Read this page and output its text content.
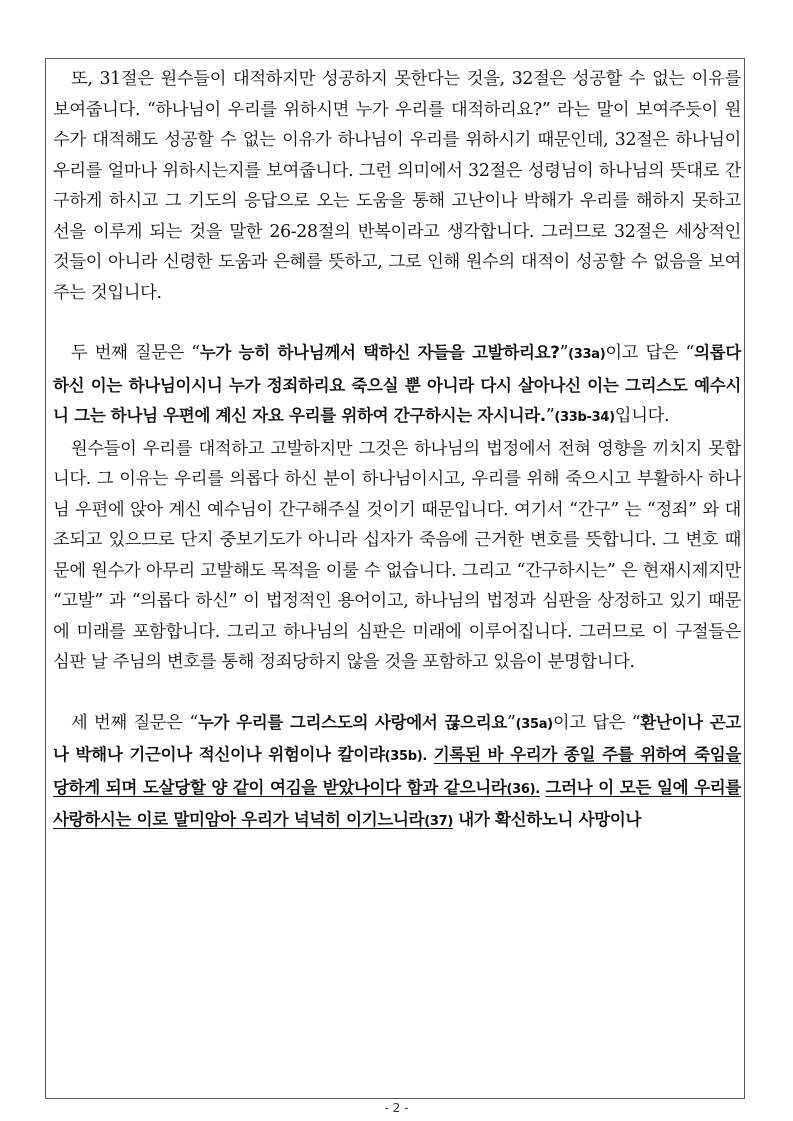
또, 31절은 원수들이 대적하지만 성공하지 못한다는 것을, 32절은 성공할 수 없는 이유를 보여줍니다. “하나님이 우리를 위하시면 누가 우리를 대적하리요?” 라는 말이 보여주듯이 원수가 대적해도 성공할 수 없는 이유가 하나님이 우리를 위하시기 때문인데, 32절은 하나님이 우리를 얼마나 위하시는지를 보여줍니다. 그런 의미에서 32절은 성령님이 하나님의 뜻대로 간구하게 하시고 그 기도의 응답으로 오는 도움을 통해 고난이나 박해가 우리를 해하지 못하고 선을 이루게 되는 것을 말한 26-28절의 반복이라고 생각합니다. 그러므로 32절은 세상적인 것들이 아니라 신령한 도움과 은혜를 뜻하고, 그로 인해 원수의 대적이 성공할 수 없음을 보여주는 것입니다.

두 번째 질문은 “누가 능히 하나님께서 택하신 자들을 고발하리요?”(33a)이고 답은 “의롭다 하신 이는 하나님이시니 누가 정죄하리요 죽으실 뿐 아니라 다시 살아나신 이는 그리스도 예수시니 그는 하나님 우편에 계신 자요 우리를 위하여 간구하시는 자시니라.”(33b-34)입니다.

원수들이 우리를 대적하고 고발하지만 그것은 하나님의 법정에서 전혀 영향을 끼치지 못합니다. 그 이유는 우리를 의롭다 하신 분이 하나님이시고, 우리를 위해 죽으시고 부활하사 하나님 우편에 앉아 계신 예수님이 간구해주실 것이기 때문입니다. 여기서 “간구” 는 “정죄” 와 대조되고 있으므로 단지 중보기도가 아니라 십자가 죽음에 근거한 변호를 뜻합니다. 그 변호 때문에 원수가 아무리 고발해도 목적을 이룰 수 없습니다. 그리고 “간구하시는” 은 현재시제지만 “고발” 과 “의롭다 하신” 이 법정적인 용어이고, 하나님의 법정과 심판을 상정하고 있기 때문에 미래를 포함합니다. 그리고 하나님의 심판은 미래에 이루어집니다. 그러므로 이 구절들은 심판 날 주님의 변호를 통해 정죄당하지 않을 것을 포함하고 있음이 분명합니다.

세 번째 질문은 “누가 우리를 그리스도의 사랑에서 끊으리요”(35a)이고 답은 “환난이나 곤고나 박해나 기근이나 적신이나 위험이나 칼이랴(35b). 기록된 바 우리가 종일 주를 위하여 죽임을 당하게 되며 도살당할 양 같이 여김을 받았나이다 함과 같으니라(36). 그러나 이 모든 일에 우리를 사랑하시는 이로 말미암아 우리가 넉넉히 이기느니라(37) 내가 확신하노니 사망이나

- 2 -
